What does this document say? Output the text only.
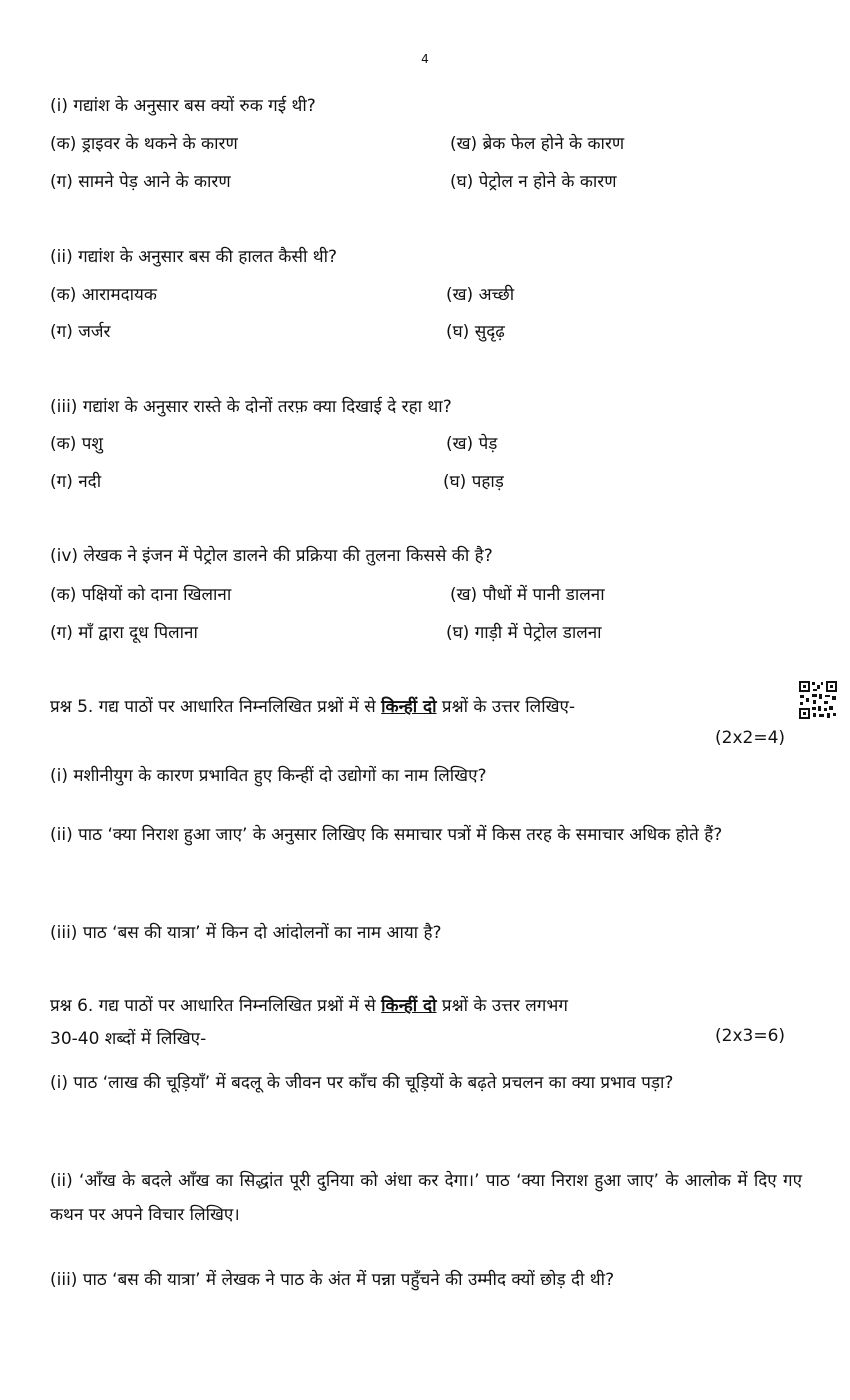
4
(i) गद्यांश के अनुसार बस क्यों रुक गई थी?
(क) ड्राइवर के थकने के कारण	(ख) ब्रेक फेल होने के कारण
(ग) सामने पेड़ आने के कारण	(घ) पेट्रोल न होने के कारण
(ii) गद्यांश के अनुसार बस की हालत कैसी थी?
(क) आरामदायक	(ख) अच्छी
(ग) जर्जर	(घ) सुदृढ़
(iii) गद्यांश के अनुसार रास्ते के दोनों तरफ़ क्या दिखाई दे रहा था?
(क) पशु	(ख) पेड़
(ग) नदी	(घ) पहाड़
(iv) लेखक ने इंजन में पेट्रोल डालने की प्रक्रिया की तुलना किससे की है?
(क) पक्षियों को दाना खिलाना	(ख) पौधों में पानी डालना
(ग) माँ द्वारा दूध पिलाना	(घ) गाड़ी में पेट्रोल डालना
प्रश्न 5. गद्य पाठों पर आधारित निम्नलिखित प्रश्नों में से किन्हीं दो प्रश्नों के उत्तर लिखिए-
(2x2=4)
(i) मशीनीयुग के कारण प्रभावित हुए किन्हीं दो उद्योगों का नाम लिखिए?
(ii) पाठ ‘क्या निराश हुआ जाए’ के अनुसार लिखिए कि समाचार पत्रों में किस तरह के समाचार अधिक होते हैं?
(iii) पाठ ‘बस की यात्रा’ में किन दो आंदोलनों का नाम आया है?
प्रश्न 6. गद्य पाठों पर आधारित निम्नलिखित प्रश्नों में से किन्हीं दो प्रश्नों के उत्तर लगभग
30-40 शब्दों में लिखिए-	(2x3=6)
(i) पाठ ‘लाख की चूड़ियाँ’ में बदलू के जीवन पर काँच की चूड़ियों के बढ़ते प्रचलन का क्या प्रभाव पड़ा?
(ii) ‘आँख के बदले आँख का सिद्धांत पूरी दुनिया को अंधा कर देगा।’ पाठ ‘क्या निराश हुआ जाए’ के आलोक में दिए गए कथन पर अपने विचार लिखिए।
(iii) पाठ ‘बस की यात्रा’ में लेखक ने पाठ के अंत में पन्ना पहुँचने की उम्मीद क्यों छोड़ दी थी?
